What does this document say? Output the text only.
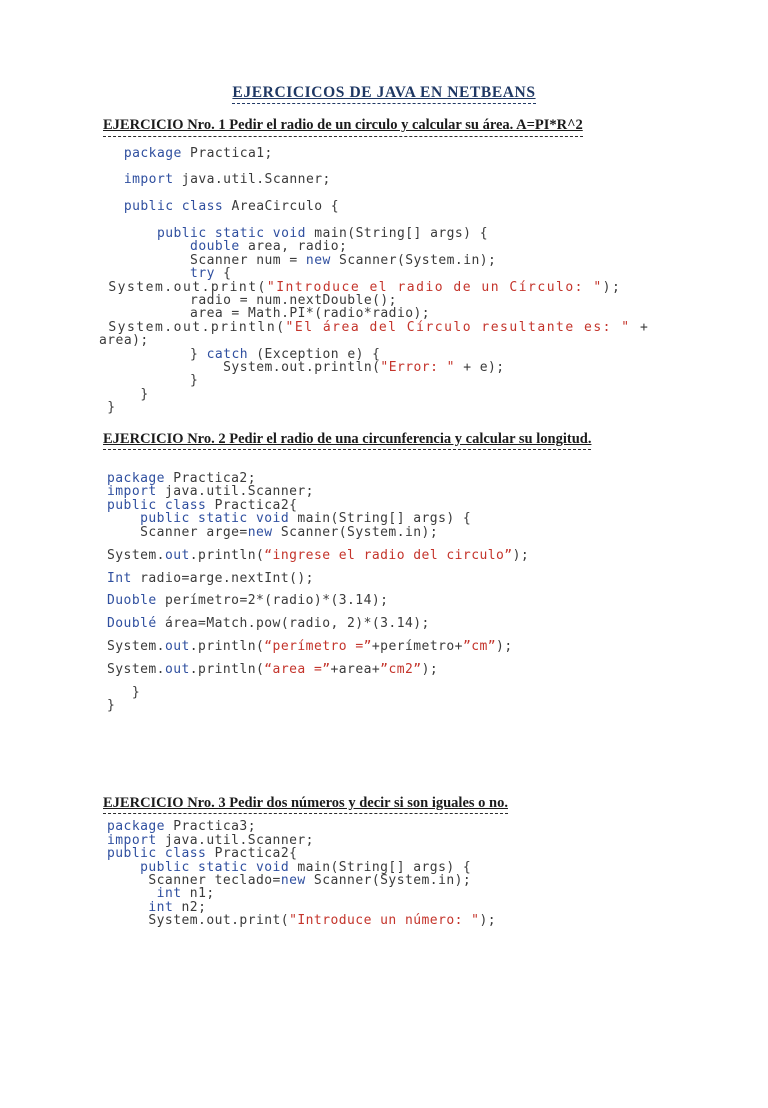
EJERCICICOS DE JAVA EN NETBEANS
EJERCICIO Nro. 1 Pedir el radio de un circulo y calcular su área. A=PI*R^2
package Practica1;
import java.util.Scanner;
public class AreaCirculo {
public static void main(String[] args) {
double area, radio;
Scanner num = new Scanner(System.in);
try {
System.out.print("Introduce el radio de un Círculo: ");
radio = num.nextDouble();
area = Math.PI*(radio*radio);
System.out.println("El área del Círculo resultante es: " +
area);
} catch (Exception e) {
System.out.println("Error: " + e);
}
}
}
EJERCICIO Nro. 2 Pedir el radio de una circunferencia y calcular su longitud.
package Practica2;
import java.util.Scanner;
public class Practica2{
public static void main(String[] args) {
Scanner arge=new Scanner(System.in);
System.out.println(“ingrese el radio del circulo”);
Int radio=arge.nextInt();
Duoble perímetro=2*(radio)*(3.14);
Doublé área=Match.pow(radio, 2)*(3.14);
System.out.println(“perímetro =”+perímetro+”cm”);
System.out.println(“area =”+area+”cm2”);
}
}
EJERCICIO Nro. 3 Pedir dos números y decir si son iguales o no.
package Practica3;
import java.util.Scanner;
public class Practica2{
public static void main(String[] args) {
Scanner teclado=new Scanner(System.in);
int n1;
int n2;
System.out.print("Introduce un número: ");
